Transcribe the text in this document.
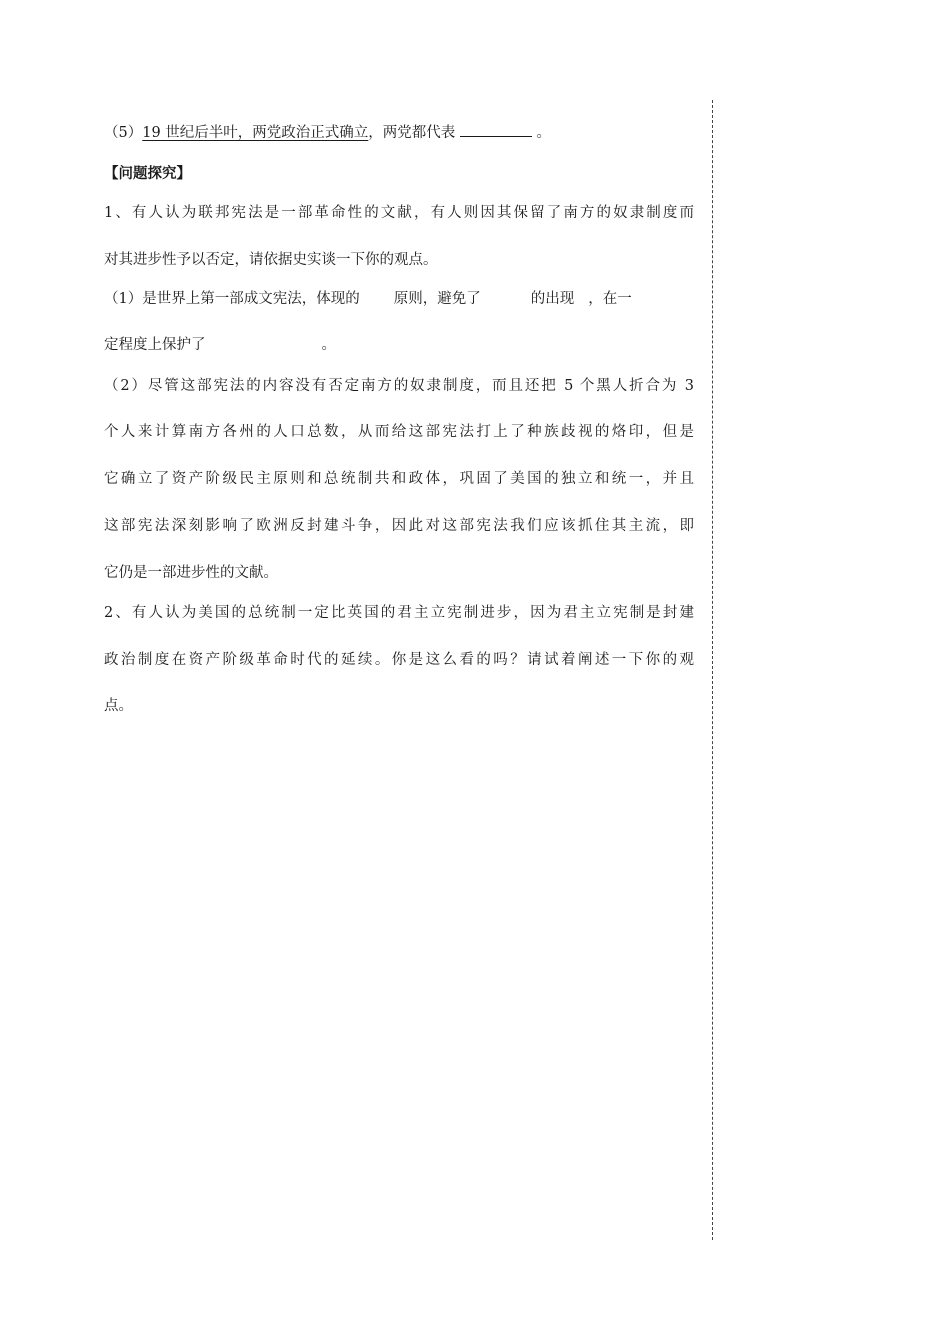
（5）19 世纪后半叶，两党政治正式确立，两党都代表	。
【问题探究】
1、有人认为联邦宪法是一部革命性的文献，有人则因其保留了南方的奴隶制度而
对其进步性予以否定，请依据史实谈一下你的观点。
（1）是世界上第一部成文宪法，体现的 原则，避免了	的出现 ，在一
定程度上保护了	。
（2）尽管这部宪法的内容没有否定南方的奴隶制度，而且还把 5 个黑人折合为 3
个人来计算南方各州的人口总数，从而给这部宪法打上了种族歧视的烙印，但是
它确立了资产阶级民主原则和总统制共和政体，巩固了美国的独立和统一，并且
这部宪法深刻影响了欧洲反封建斗争，因此对这部宪法我们应该抓住其主流，即
它仍是一部进步性的文献。
2、有人认为美国的总统制一定比英国的君主立宪制进步，因为君主立宪制是封建
政治制度在资产阶级革命时代的延续。你是这么看的吗？请试着阐述一下你的观
点。
